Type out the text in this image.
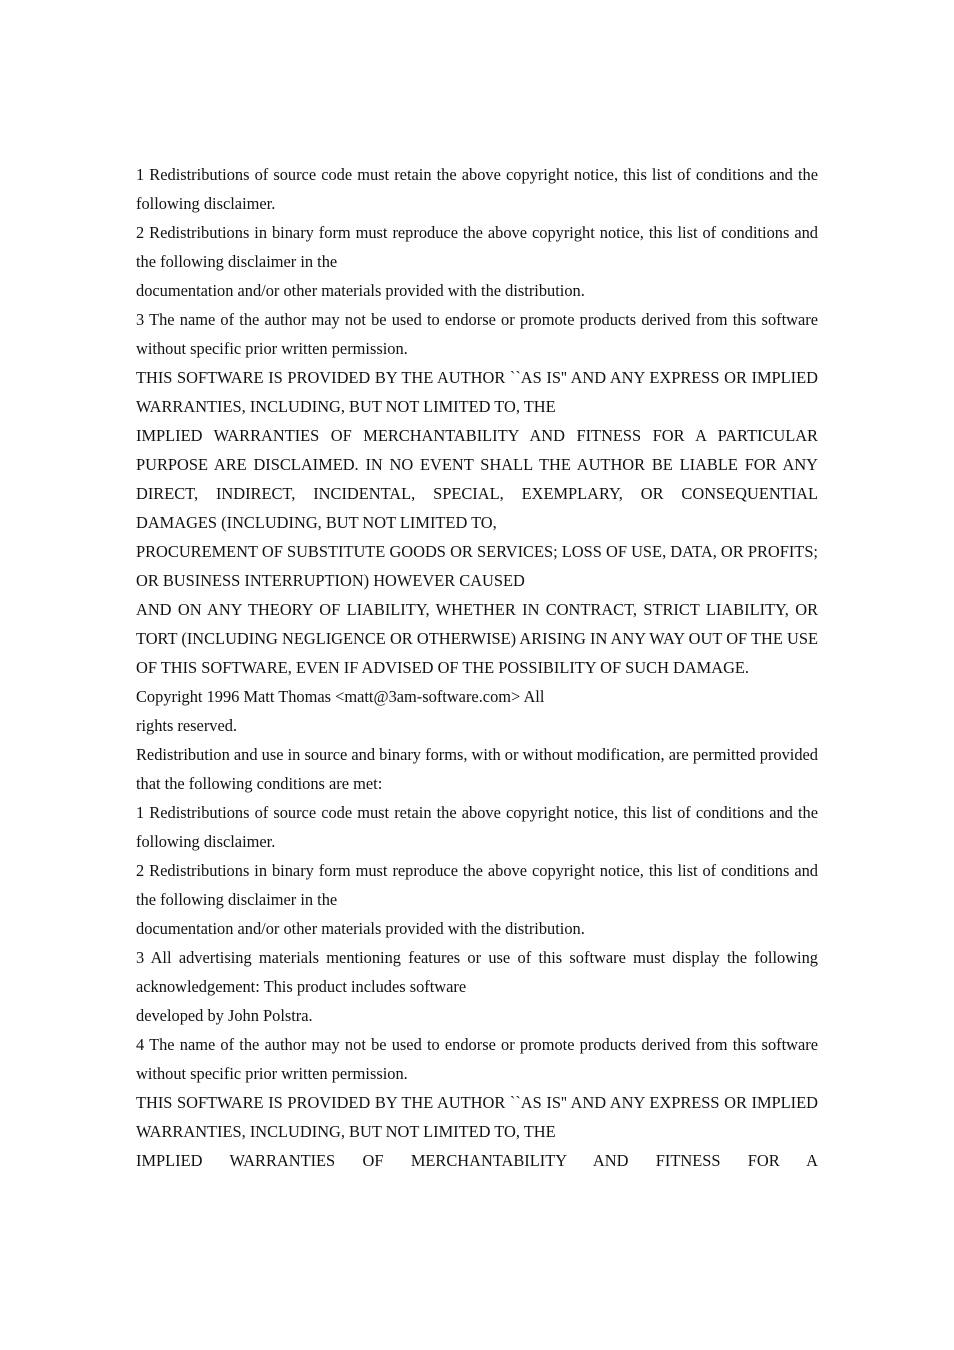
1 Redistributions of source code must retain the above copyright notice, this list of conditions and the following disclaimer.

2 Redistributions in binary form must reproduce the above copyright notice, this list of conditions and the following disclaimer in the

documentation and/or other materials provided with the distribution.

3 The name of the author may not be used to endorse or promote products derived from this software without specific prior written permission.

THIS SOFTWARE IS PROVIDED BY THE AUTHOR ``AS IS'' AND ANY EXPRESS OR IMPLIED WARRANTIES, INCLUDING, BUT NOT LIMITED TO, THE

IMPLIED WARRANTIES OF MERCHANTABILITY AND FITNESS FOR A PARTICULAR PURPOSE ARE DISCLAIMED. IN NO EVENT SHALL THE AUTHOR BE LIABLE FOR ANY DIRECT, INDIRECT, INCIDENTAL, SPECIAL, EXEMPLARY, OR CONSEQUENTIAL DAMAGES (INCLUDING, BUT NOT LIMITED TO,

PROCUREMENT OF SUBSTITUTE GOODS OR SERVICES; LOSS OF USE, DATA, OR PROFITS; OR BUSINESS INTERRUPTION) HOWEVER CAUSED

AND ON ANY THEORY OF LIABILITY, WHETHER IN CONTRACT, STRICT LIABILITY, OR TORT (INCLUDING NEGLIGENCE OR OTHERWISE) ARISING IN ANY WAY OUT OF THE USE OF THIS SOFTWARE, EVEN IF ADVISED OF THE POSSIBILITY OF SUCH DAMAGE.

Copyright 1996 Matt Thomas <matt@3am-software.com> All

rights reserved.

Redistribution and use in source and binary forms, with or without modification, are permitted provided that the following conditions are met:

1 Redistributions of source code must retain the above copyright notice, this list of conditions and the following disclaimer.

2 Redistributions in binary form must reproduce the above copyright notice, this list of conditions and the following disclaimer in the

documentation and/or other materials provided with the distribution.

3 All advertising materials mentioning features or use of this software must display the following acknowledgement: This product includes software

developed by John Polstra.

4 The name of the author may not be used to endorse or promote products derived from this software without specific prior written permission.

THIS SOFTWARE IS PROVIDED BY THE AUTHOR ``AS IS'' AND ANY EXPRESS OR IMPLIED WARRANTIES, INCLUDING, BUT NOT LIMITED TO, THE

IMPLIED WARRANTIES OF MERCHANTABILITY AND FITNESS FOR A
